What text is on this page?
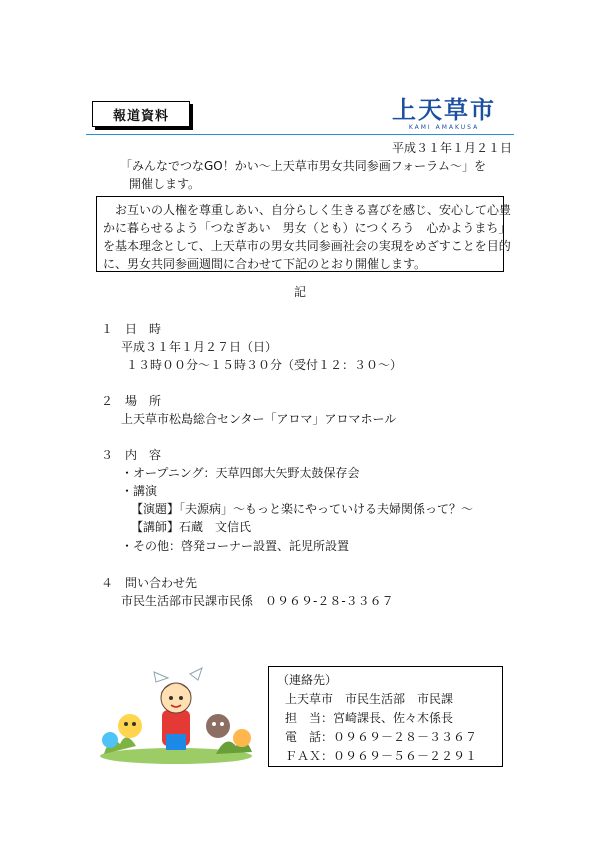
報道資料	上天草市
KAMI AMAKUSA
平成３１年１月２１日
「みんなでつなGO！かい～上天草市男女共同参画フォーラム～」を
開催します。
　お互いの人権を尊重しあい、自分らしく生きる喜びを感じ、安心して心豊
かに暮らせるよう「つなぎあい　男女（とも）につくろう　心かようまち」
を基本理念として、上天草市の男女共同参画社会の実現をめざすことを目的
に、男女共同参画週間に合わせて下記のとおり開催します。
記
１　日　時
平成３１年１月２７日（日）
１３時００分～１５時３０分（受付１２：３０～）
２　場　所
上天草市松島総合センター「アロマ」アロマホール
３　内　容
・オープニング：天草四郎大矢野太鼓保存会
・講演
【演題】「夫源病」～もっと楽にやっていける夫婦関係って？～
【講師】石蔵　文信氏
・その他：啓発コーナー設置、託児所設置
４　問い合わせ先
市民生活部市民課市民係　０９６９-２８-３３６７
（連絡先）
上天草市　市民生活部　市民課
担　当：宮崎課長、佐々木係長
電　話：０９６９－２８－３３６７
ＦＡＸ：０９６９－５６－２２９１
